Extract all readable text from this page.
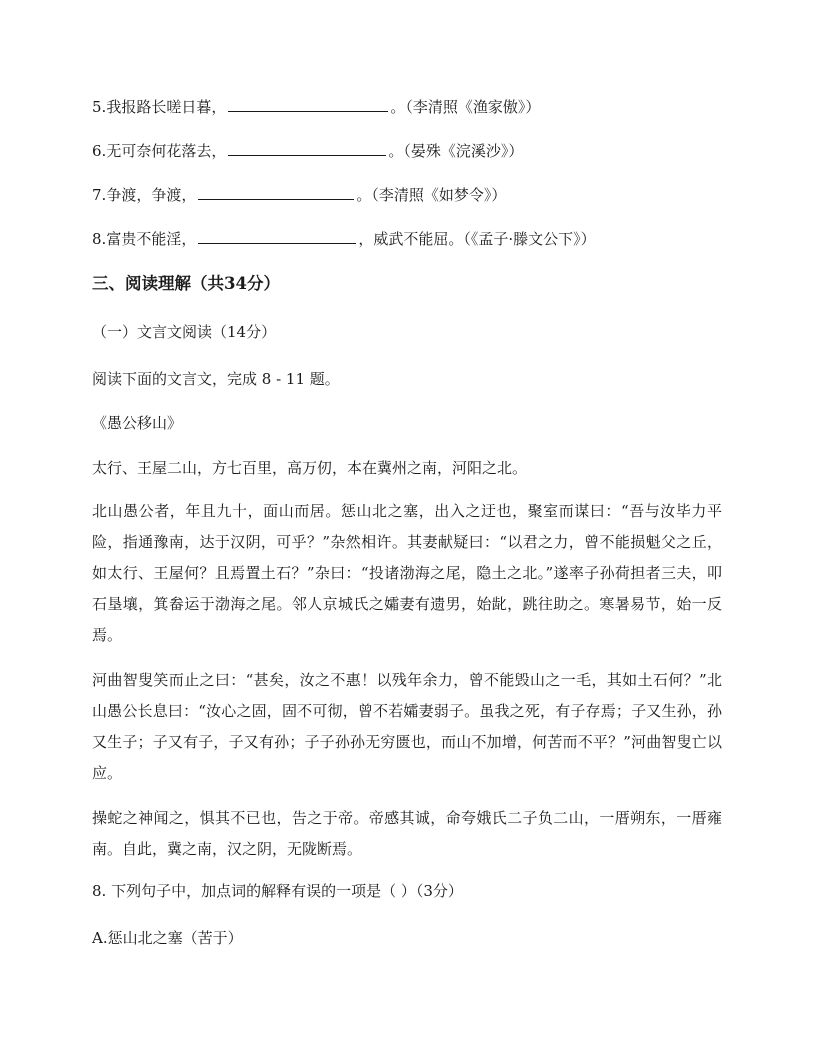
5.我报路长嗟日暮，	。（李清照《渔家傲》）
6.无可奈何花落去，	。（晏殊《浣溪沙》）
7.争渡，争渡，	。（李清照《如梦令》）
8.富贵不能淫，	，威武不能屈。（《孟子·滕文公下》）
三、阅读理解（共34分）
（一）文言文阅读（14分）
阅读下面的文言文，完成 8 - 11 题。
《愚公移山》
太行、王屋二山，方七百里，高万仞，本在冀州之南，河阳之北。
北山愚公者，年且九十，面山而居。惩山北之塞，出入之迂也，聚室而谋曰：“吾与汝毕力平险，指通豫南，达于汉阴，可乎？”杂然相许。其妻献疑曰：“以君之力，曾不能损魁父之丘，如太行、王屋何？且焉置土石？”杂曰：“投诸渤海之尾，隐土之北。”遂率子孙荷担者三夫，叩石垦壤，箕畚运于渤海之尾。邻人京城氏之孀妻有遗男，始龀，跳往助之。寒暑易节，始一反焉。
河曲智叟笑而止之曰：“甚矣，汝之不惠！以残年余力，曾不能毁山之一毛，其如土石何？”北山愚公长息曰：“汝心之固，固不可彻，曾不若孀妻弱子。虽我之死，有子存焉；子又生孙，孙又生子；子又有子，子又有孙；子子孙孙无穷匮也，而山不加增，何苦而不平？”河曲智叟亡以应。
操蛇之神闻之，惧其不已也，告之于帝。帝感其诚，命夸娥氏二子负二山，一厝朔东，一厝雍南。自此，冀之南，汉之阴，无陇断焉。
8. 下列句子中，加点词的解释有误的一项是（ ）（3分）
A.惩山北之塞（苦于）
